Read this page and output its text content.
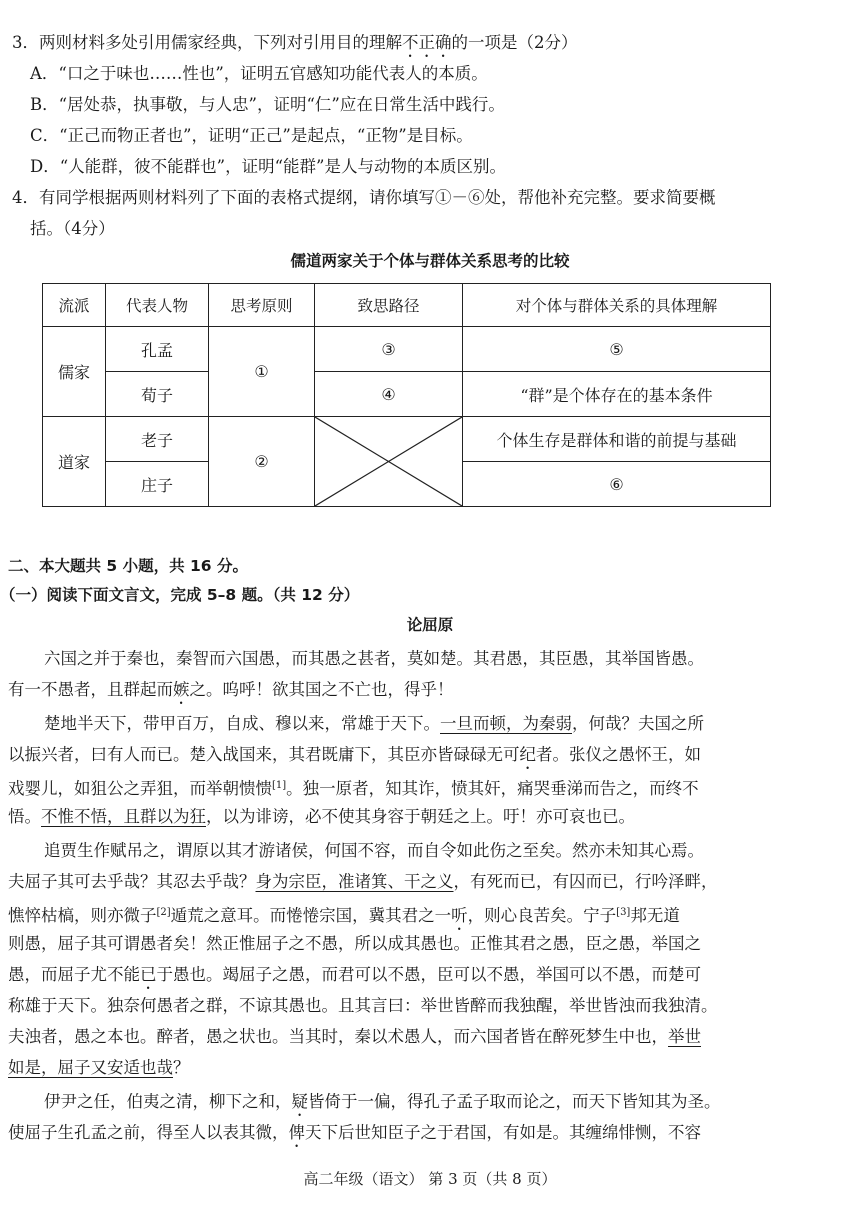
3．两则材料多处引用儒家经典，下列对引用目的理解不正确的一项是（2分）
A．“口之于味也……性也”，证明五官感知功能代表人的本质。
B．“居处恭，执事敬，与人忠”，证明“仁”应在日常生活中践行。
C．“正己而物正者也”，证明“正己”是起点，“正物”是目标。
D．“人能群，彼不能群也”，证明“能群”是人与动物的本质区别。
4．有同学根据两则材料列了下面的表格式提纲，请你填写①－⑥处，帮他补充完整。要求简要概
括。（4分）
儒道两家关于个体与群体关系思考的比较
流派	代表人物	思考原则	致思路径	对个体与群体关系的具体理解
儒家	孔孟	①	③	⑤
	荀子		④	“群”是个体存在的基本条件
道家	老子	②		个体生存是群体和谐的前提与基础
	庄子			⑥
二、本大题共 5 小题，共 16 分。
（一）阅读下面文言文，完成 5–8 题。（共 12 分）
论屈原
六国之并于秦也，秦智而六国愚，而其愚之甚者，莫如楚。其君愚，其臣愚，其举国皆愚。
有一不愚者，且群起而嫉之。呜呼！欲其国之不亡也，得乎！
楚地半天下，带甲百万，自成、穆以来，常雄于天下。一旦而顿，为秦弱，何哉？夫国之所
以振兴者，曰有人而已。楚入战国来，其君既庸下，其臣亦皆碌碌无可纪者。张仪之愚怀王，如
戏婴儿，如狙公之弄狙，而举朝愦愦[1]。独一原者，知其诈，愤其奸，痛哭垂涕而告之，而终不
悟。不惟不悟，且群以为狂，以为诽谤，必不使其身容于朝廷之上。吁！亦可哀也已。
追贾生作赋吊之，谓原以其才游诸侯，何国不容，而自令如此伤之至矣。然亦未知其心焉。
夫屈子其可去乎哉？其忍去乎哉？身为宗臣，准诸箕、干之义，有死而已，有囚而已，行吟泽畔，
憔悴枯槁，则亦微子[2]遁荒之意耳。而惓惓宗国，冀其君之一听，则心良苦矣。宁子[3]邦无道
则愚，屈子其可谓愚者矣！然正惟屈子之不愚，所以成其愚也。正惟其君之愚，臣之愚，举国之
愚，而屈子尤不能已于愚也。竭屈子之愚，而君可以不愚，臣可以不愚，举国可以不愚，而楚可
称雄于天下。独奈何愚者之群，不谅其愚也。且其言曰：举世皆醉而我独醒，举世皆浊而我独清。
夫浊者，愚之本也。醉者，愚之状也。当其时，秦以术愚人，而六国者皆在醉死梦生中也，举世
如是，屈子又安适也哉？
伊尹之任，伯夷之清，柳下之和，疑皆倚于一偏，得孔子孟子取而论之，而天下皆知其为圣。
使屈子生孔孟之前，得至人以表其微，俾天下后世知臣子之于君国，有如是。其缠绵悱恻，不容
高二年级（语文） 第 3 页（共 8 页）
